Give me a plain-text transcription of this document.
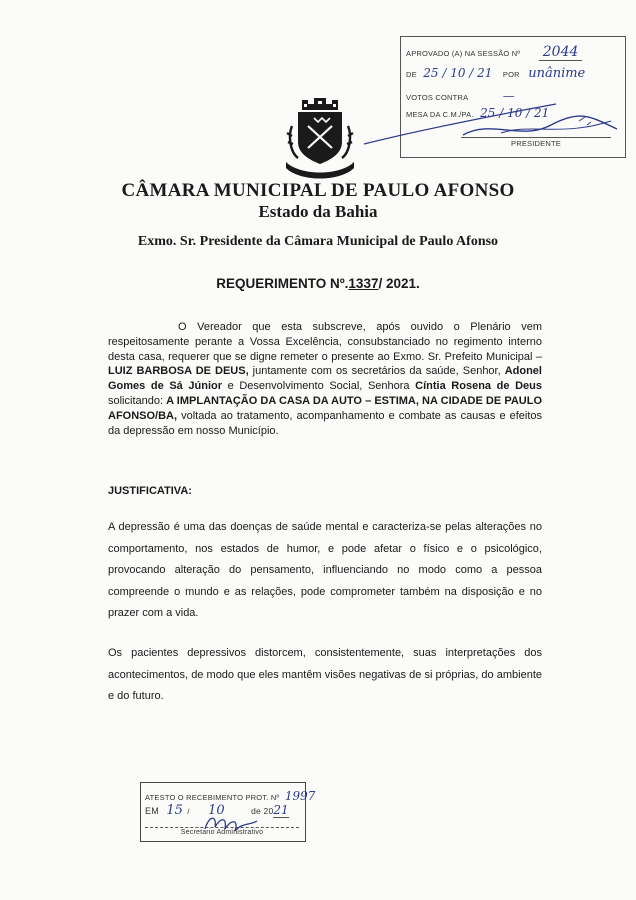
APROVADO (A) NA SESSÃO Nº 2044
DE 25 / 10 / 21 POR unânime
VOTOS CONTRA	—
MESA DA C.M./PA. 25 / 10 / 21
PRESIDENTE
PAULO AFONSO
CÂMARA MUNICIPAL DE PAULO AFONSO
Estado da Bahia
Exmo. Sr. Presidente da Câmara Municipal de Paulo Afonso
REQUERIMENTO Nº.1337/ 2021.
O Vereador que esta subscreve, após ouvido o Plenário vem respeitosamente perante a Vossa Excelência, consubstanciado no regimento interno desta casa, requerer que se digne remeter o presente ao Exmo. Sr. Prefeito Municipal – LUIZ BARBOSA DE DEUS, juntamente com os secretários da saúde, Senhor, Adonel Gomes de Sá Júnior e Desenvolvimento Social, Senhora Cíntia Rosena de Deus solicitando: A IMPLANTAÇÃO DA CASA DA AUTO – ESTIMA, NA CIDADE DE PAULO AFONSO/BA, voltada ao tratamento, acompanhamento e combate as causas e efeitos da depressão em nosso Município.
JUSTIFICATIVA:
A depressão é uma das doenças de saúde mental e caracteriza-se pelas alterações no comportamento, nos estados de humor, e pode afetar o físico e o psicológico, provocando alteração do pensamento, influenciando no modo como a pessoa compreende o mundo e as relações, pode comprometer também na disposição e no prazer com a vida.
Os pacientes depressivos distorcem, consistentemente, suas interpretações dos acontecimentos, de modo que eles mantêm visões negativas de si próprias, do ambiente e do futuro.
ATESTO O RECEBIMENTO PROT. Nº 1997
EM 15 / 10	de 2021
Secretario Administrativo
